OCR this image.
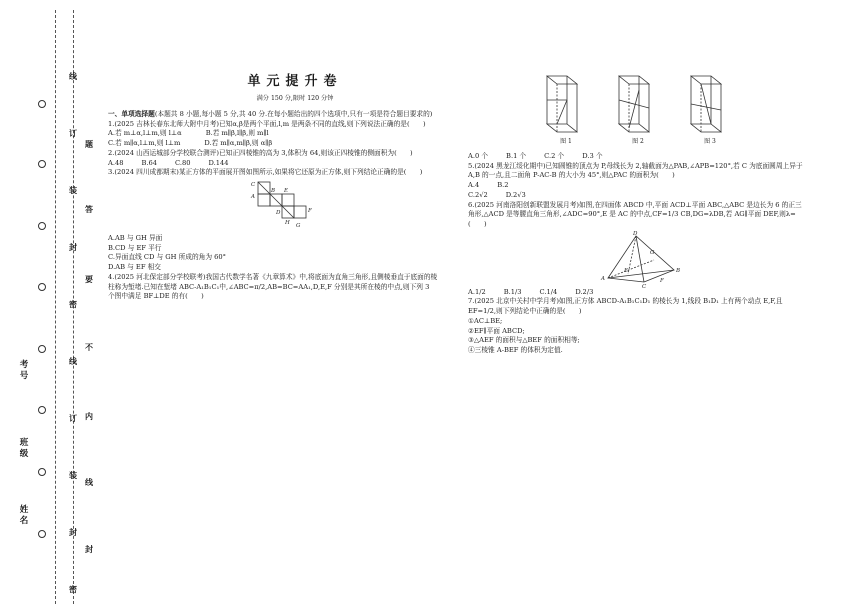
线
订
装
封
密
线
订
装
封
密
题
答
要
不
内
线
封
考号
班级
姓名
单元提升卷
满分 150 分,限时 120 分钟

一、单项选择题(本题共 8 小题,每小题 5 分,共 40 分.在每小题给出的四个选项中,只有一项是符合题目要求的)

1.(2025 吉林长春东北师大附中月考)已知α,β是两个平面,l,m 是两条不同的直线,则下列说法正确的是(　　)

A.若 m⊥α,l⊥m,则 l⊥α	B.若 m∥β,l∥β,则 m∥l

C.若 m∥α,l⊥m,则 l⊥m	D.若 m∥α,m∥β,则 α∥β

2.(2024 山西运城部分学校联合测评)已知正四棱锥的高为 3,体积为 64,则该正四棱锥的侧面积为(　　)

A.48	B.64	C.80	D.144

3.(2024 四川成都期末)某正方体的平面展开图如图所示,如果将它还原为正方体,则下列结论正确的是(　　)

C
A
B E
D
H
F
G

A.AB 与 GH 异面

B.CD 与 EF 平行

C.异面直线 CD 与 GH 所成的角为 60°

D.AB 与 EF 相交

4.(2025 河北保定部分学校联考)我国古代数学名著《九章算术》中,将底面为直角三角形,且侧棱垂直于底面的棱柱称为堑堵.已知在堑堵 ABC-A₁B₁C₁中,∠ABC=π/2,AB=BC=AA₁,D,E,F 分别是其所在棱的中点,则下列 3 个图中满足 BF⊥DE 的有(　　)

图 1	图 2	图 3

A.0 个	B.1 个	C.2 个	D.3 个

5.(2024 黑龙江绥化期中)已知圆锥的顶点为 P,母线长为 2,轴截面为△PAB,∠APB=120°,若 C 为底面圆周上异于 A,B 的一点,且二面角 P-AC-B 的大小为 45°,则△PAC 的面积为(　　)

A.4	B.2

C.2√2	D.2√3

6.(2025 河南洛阳创新联盟发展月考)如图,在四面体 ABCD 中,平面 ACD⊥平面 ABC,△ABC 是边长为 6 的正三角形,△ACD 是等腰直角三角形,∠ADC=90°,E 是 AC 的中点,CF=1/3 CB,DG=λDB,若 AG∥平面 DEF,则λ=(　　)

D
G
A
E	B
F
C

A.1/2	B.1/3	C.1/4	D.2/3

7.(2025 北京中关村中学月考)如图,正方体 ABCD-A₁B₁C₁D₁ 的棱长为 1,线段 B₁D₁ 上有两个动点 E,F,且 EF=1/2,则下列结论中正确的是(　　)

①AC⊥BE;

②EF∥平面 ABCD;

③△AEF 的面积与△BEF 的面积相等;

④三棱锥 A-BEF 的体积为定值.
